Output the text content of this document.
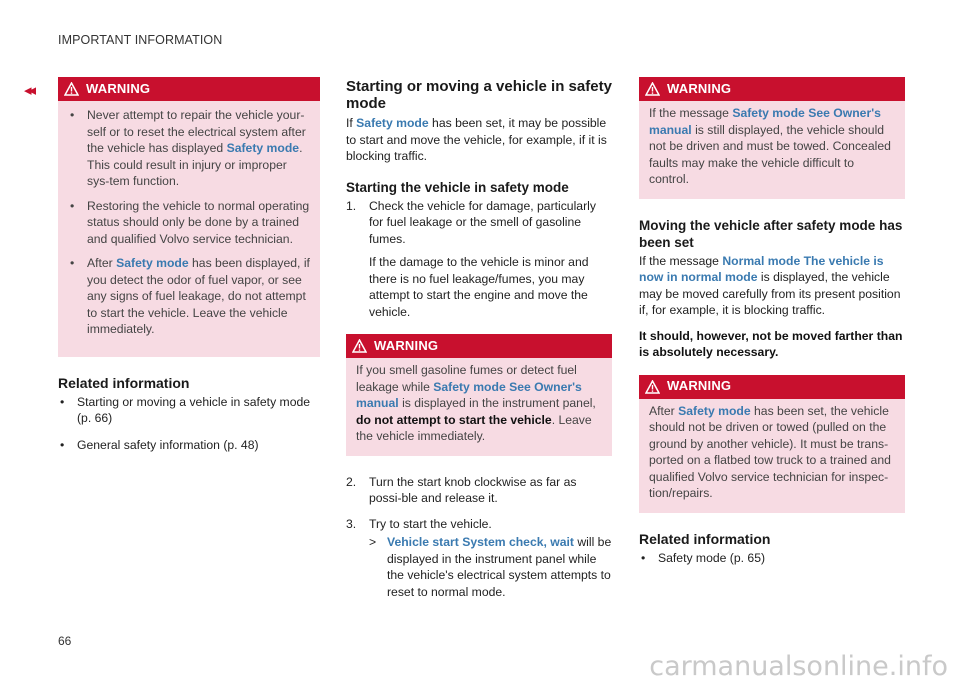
IMPORTANT INFORMATION
◂◂	WARNING
• Never attempt to repair the vehicle your-self or to reset the electrical system after the vehicle has displayed Safety mode. This could result in injury or improper sys-tem function.
• Restoring the vehicle to normal operating status should only be done by a trained and qualified Volvo service technician.
• After Safety mode has been displayed, if you detect the odor of fuel vapor, or see any signs of fuel leakage, do not attempt to start the vehicle. Leave the vehicle immediately.
Related information
• Starting or moving a vehicle in safety mode (p. 66)
• General safety information (p. 48)
Starting or moving a vehicle in safety mode

If Safety mode has been set, it may be possible to start and move the vehicle, for example, if it is blocking traffic.

Starting the vehicle in safety mode
1. Check the vehicle for damage, particularly for fuel leakage or the smell of gasoline fumes.
If the damage to the vehicle is minor and there is no fuel leakage/fumes, you may attempt to start the engine and move the vehicle.
WARNING
If you smell gasoline fumes or detect fuel leakage while Safety mode See Owner's manual is displayed in the instrument panel, do not attempt to start the vehicle. Leave the vehicle immediately.
2. Turn the start knob clockwise as far as possi-ble and release it.
3. Try to start the vehicle.
> Vehicle start System check, wait will be displayed in the instrument panel while the vehicle's electrical system attempts to reset to normal mode.
WARNING
If the message Safety mode See Owner's manual is still displayed, the vehicle should not be driven and must be towed. Concealed faults may make the vehicle difficult to control.
Moving the vehicle after safety mode has been set

If the message Normal mode The vehicle is now in normal mode is displayed, the vehicle may be moved carefully from its present position if, for example, it is blocking traffic.

It should, however, not be moved farther than is absolutely necessary.

WARNING
After Safety mode has been set, the vehicle should not be driven or towed (pulled on the ground by another vehicle). It must be trans-ported on a flatbed tow truck to a trained and qualified Volvo service technician for inspec-tion/repairs.
Related information
• Safety mode (p. 65)
66
carmanualsonline.info
